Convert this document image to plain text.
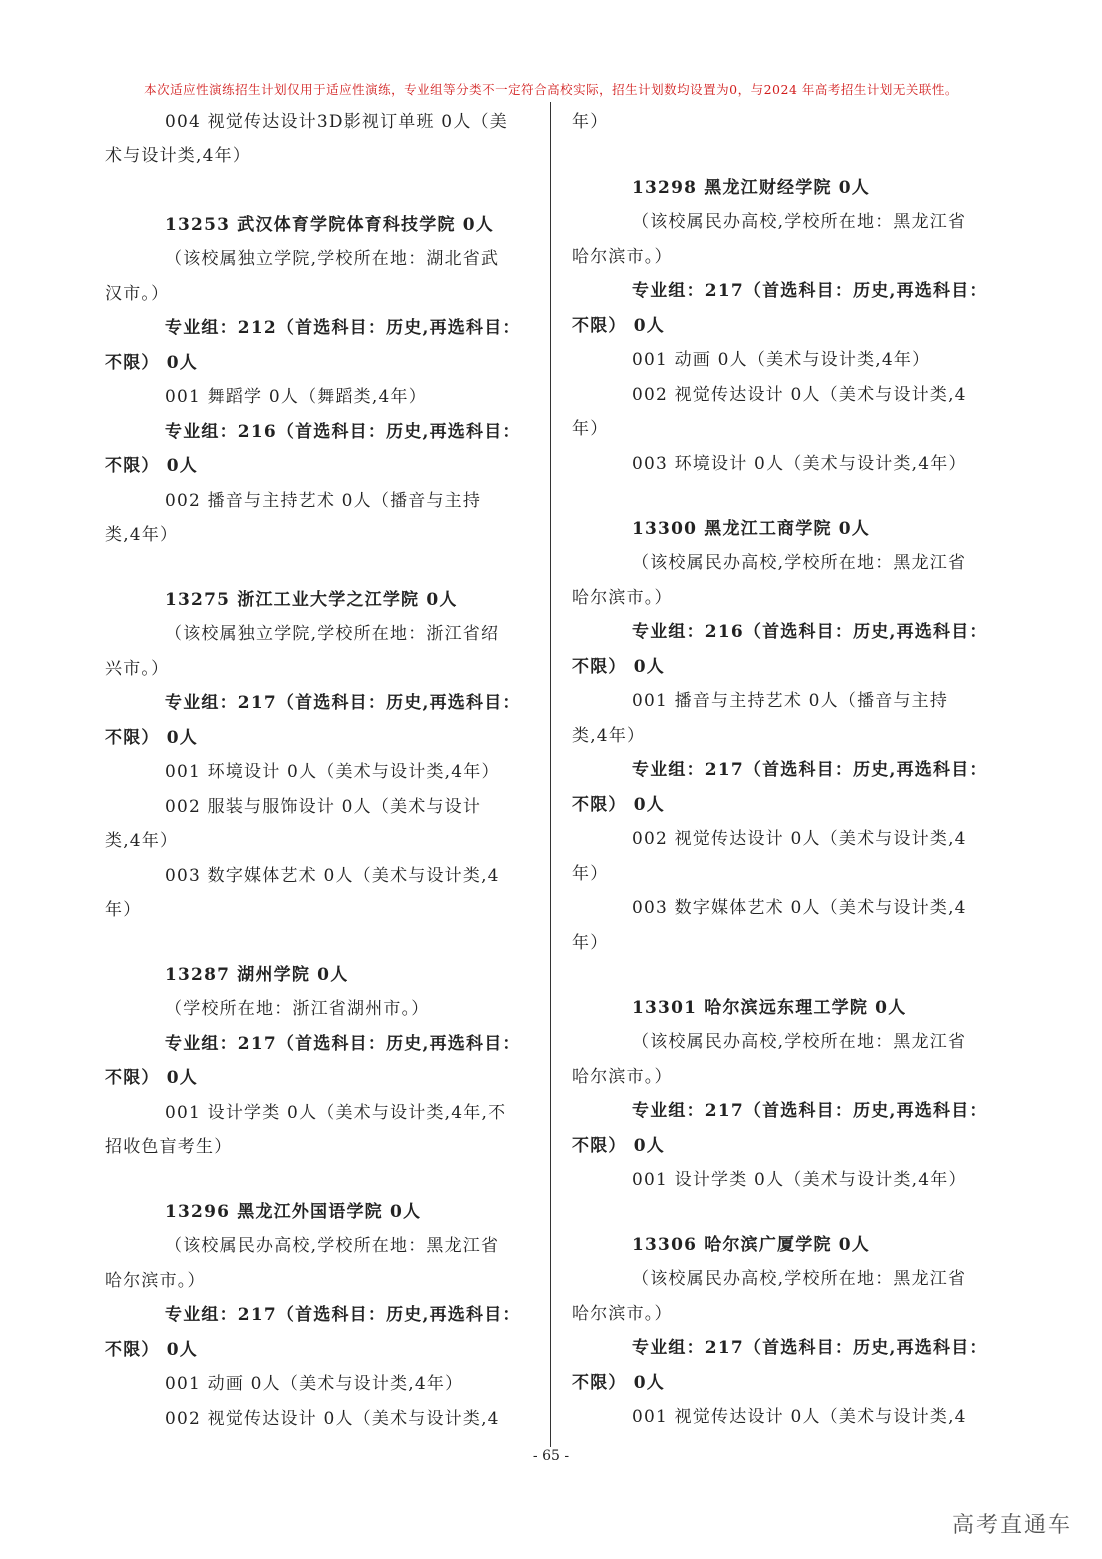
本次适应性演练招生计划仅用于适应性演练，专业组等分类不一定符合高校实际，招生计划数均设置为0，与2024 年高考招生计划无关联性。
004 视觉传达设计3D影视订单班 0人（美
术与设计类,4年）
13253 武汉体育学院体育科技学院 0人
（该校属独立学院,学校所在地：湖北省武
汉市。）
专业组：212（首选科目：历史,再选科目：
不限） 0人
001 舞蹈学 0人（舞蹈类,4年）
专业组：216（首选科目：历史,再选科目：
不限） 0人
002 播音与主持艺术 0人（播音与主持
类,4年）
13275 浙江工业大学之江学院 0人
（该校属独立学院,学校所在地：浙江省绍
兴市。）
专业组：217（首选科目：历史,再选科目：
不限） 0人
001 环境设计 0人（美术与设计类,4年）
002 服装与服饰设计 0人（美术与设计
类,4年）
003 数字媒体艺术 0人（美术与设计类,4
年）
13287 湖州学院 0人
（学校所在地：浙江省湖州市。）
专业组：217（首选科目：历史,再选科目：
不限） 0人
001 设计学类 0人（美术与设计类,4年,不
招收色盲考生）
13296 黑龙江外国语学院 0人
（该校属民办高校,学校所在地：黑龙江省
哈尔滨市。）
专业组：217（首选科目：历史,再选科目：
不限） 0人
001 动画 0人（美术与设计类,4年）
002 视觉传达设计 0人（美术与设计类,4
年）
13298 黑龙江财经学院 0人
（该校属民办高校,学校所在地：黑龙江省
哈尔滨市。）
专业组：217（首选科目：历史,再选科目：
不限） 0人
001 动画 0人（美术与设计类,4年）
002 视觉传达设计 0人（美术与设计类,4
年）
003 环境设计 0人（美术与设计类,4年）
13300 黑龙江工商学院 0人
（该校属民办高校,学校所在地：黑龙江省
哈尔滨市。）
专业组：216（首选科目：历史,再选科目：
不限） 0人
001 播音与主持艺术 0人（播音与主持
类,4年）
专业组：217（首选科目：历史,再选科目：
不限） 0人
002 视觉传达设计 0人（美术与设计类,4
年）
003 数字媒体艺术 0人（美术与设计类,4
年）
13301 哈尔滨远东理工学院 0人
（该校属民办高校,学校所在地：黑龙江省
哈尔滨市。）
专业组：217（首选科目：历史,再选科目：
不限） 0人
001 设计学类 0人（美术与设计类,4年）
13306 哈尔滨广厦学院 0人
（该校属民办高校,学校所在地：黑龙江省
哈尔滨市。）
专业组：217（首选科目：历史,再选科目：
不限） 0人
001 视觉传达设计 0人（美术与设计类,4
- 65 -
高考直通车
